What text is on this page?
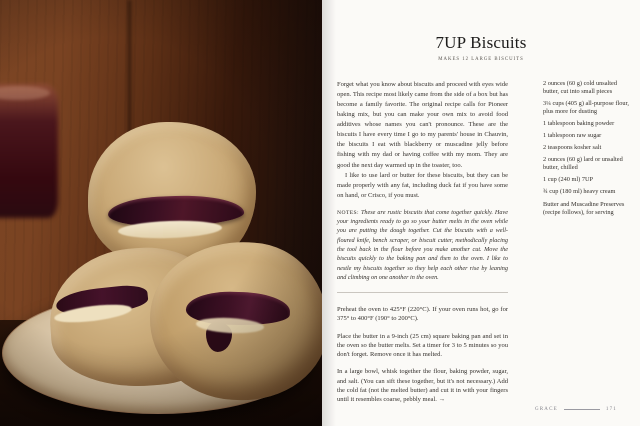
7UP Biscuits
MAKES 12 LARGE BISCUITS

Forget what you know about biscuits and proceed with eyes wide open. This recipe most likely came from the side of a box but has become a family favorite. The original recipe calls for Pioneer baking mix, but you can make your own mix to avoid food additives whose names you can't pronounce. These are the biscuits I have every time I go to my parents' house in Chauvin, the biscuits I eat with blackberry or muscadine jelly before fishing with my dad or having coffee with my mom. They are good the next day warmed up in the toaster, too.

I like to use lard or butter for these biscuits, but they can be made properly with any fat, including duck fat if you have some on hand, or Crisco, if you must.

NOTES: These are rustic biscuits that come together quickly. Have your ingredients ready to go so your butter melts in the oven while you are putting the dough together. Cut the biscuits with a well-floured knife, bench scraper, or biscuit cutter, methodically placing the tool back in the flour before you make another cut. Move the biscuits quickly to the baking pan and then to the oven. I like to nestle my biscuits together so they help each other rise by leaning and climbing on one another in the oven.

Preheat the oven to 425°F (220°C). If your oven runs hot, go for 375° to 400°F (190° to 200°C).

Place the butter in a 9-inch (25 cm) square baking pan and set in the oven so the butter melts. Set a timer for 3 to 5 minutes so you don't forget. Remove once it has melted.

In a large bowl, whisk together the flour, baking powder, sugar, and salt. (You can sift these together, but it's not necessary.) Add the cold fat (not the melted butter) and cut it in with your fingers until it resembles coarse, pebbly meal. →

2 ounces (60 g) cold unsalted butter, cut into small pieces
3¼ cups (405 g) all-purpose flour, plus more for dusting
1 tablespoon baking powder
1 tablespoon raw sugar
2 teaspoons kosher salt
2 ounces (60 g) lard or unsalted butter, chilled
1 cup (240 ml) 7UP
¾ cup (180 ml) heavy cream
Butter and Muscadine Preserves (recipe follows), for serving
GRACE	171
